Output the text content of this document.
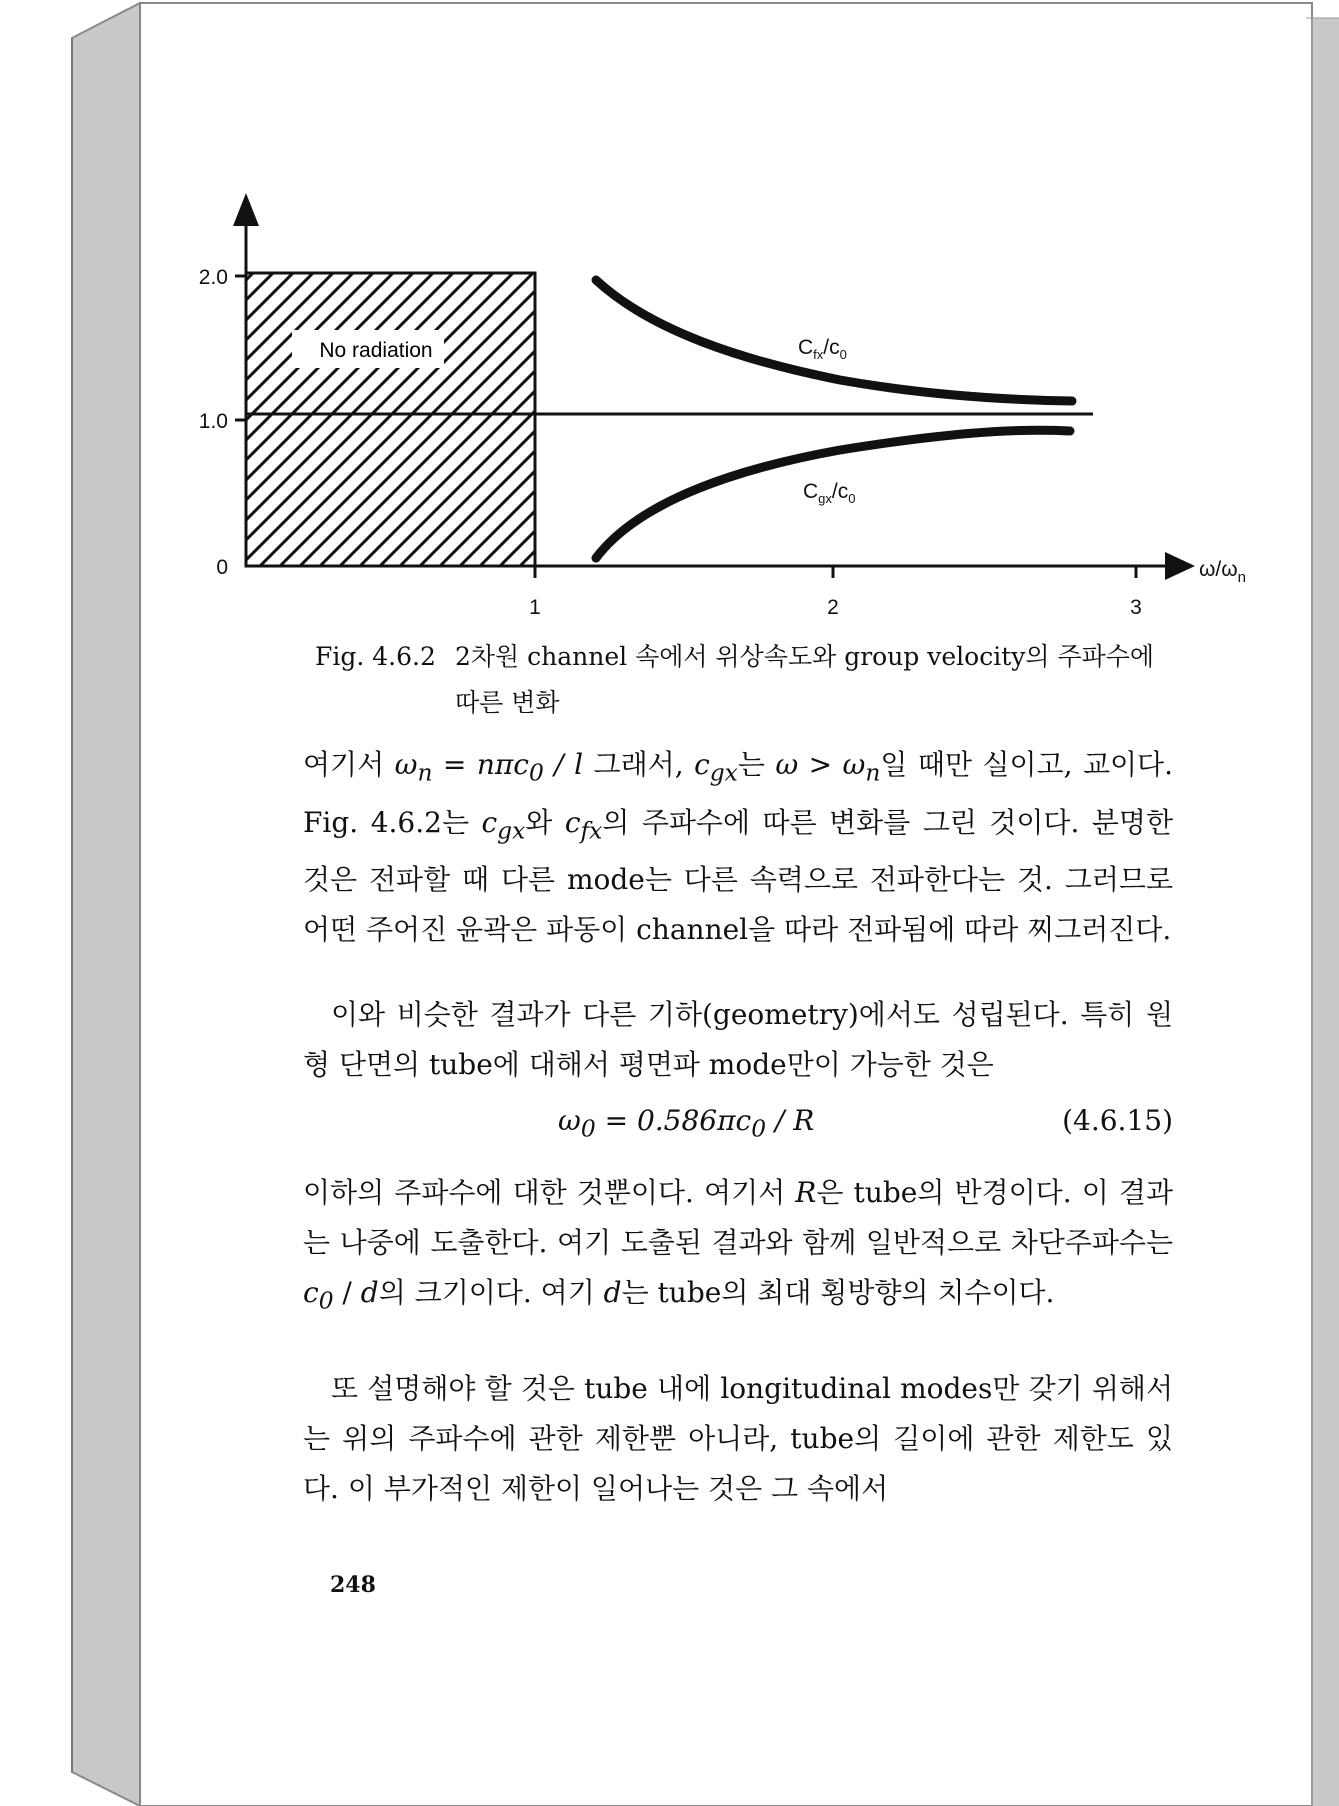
No radiation
2.0
1.0
0
1	2	3
$\omega/\omega_n$
$C_{fx}/c_0$
$C_{gx}/c_0$
Fig. 4.6.2 2차원 channel 속에서 위상속도와 group velocity의 주파수에
따른 변화

여기서 $\omega_n = n\pi c_0 / l$ 그래서, $c_{gx}$는 $\omega > \omega_n$일 때만 실이고, 교이다. Fig. 4.6.2는 $c_{gx}$와 $c_{fx}$의 주파수에 따른 변화를 그린 것이다. 분명한 것은 전파할 때 다른 mode는 다른 속력으로 전파한다는 것. 그러므로 어떤 주어진 윤곽은 파동이 channel을 따라 전파됨에 따라 찌그러진다.

이와 비슷한 결과가 다른 기하(geometry)에서도 성립된다. 특히 원형 단면의 tube에 대해서 평면파 mode만이 가능한 것은

$\omega_0 = 0.586\pi c_0 / R$	(4.6.15)

이하의 주파수에 대한 것뿐이다. 여기서 R은 tube의 반경이다. 이 결과는 나중에 도출한다. 여기 도출된 결과와 함께 일반적으로 차단주파수는 $c_0$ / d의 크기이다. 여기 d는 tube의 최대 횡방향의 치수이다.

또 설명해야 할 것은 tube 내에 longitudinal modes만 갖기 위해서는 위의 주파수에 관한 제한뿐 아니라, tube의 길이에 관한 제한도 있다. 이 부가적인 제한이 일어나는 것은 그 속에서

248
